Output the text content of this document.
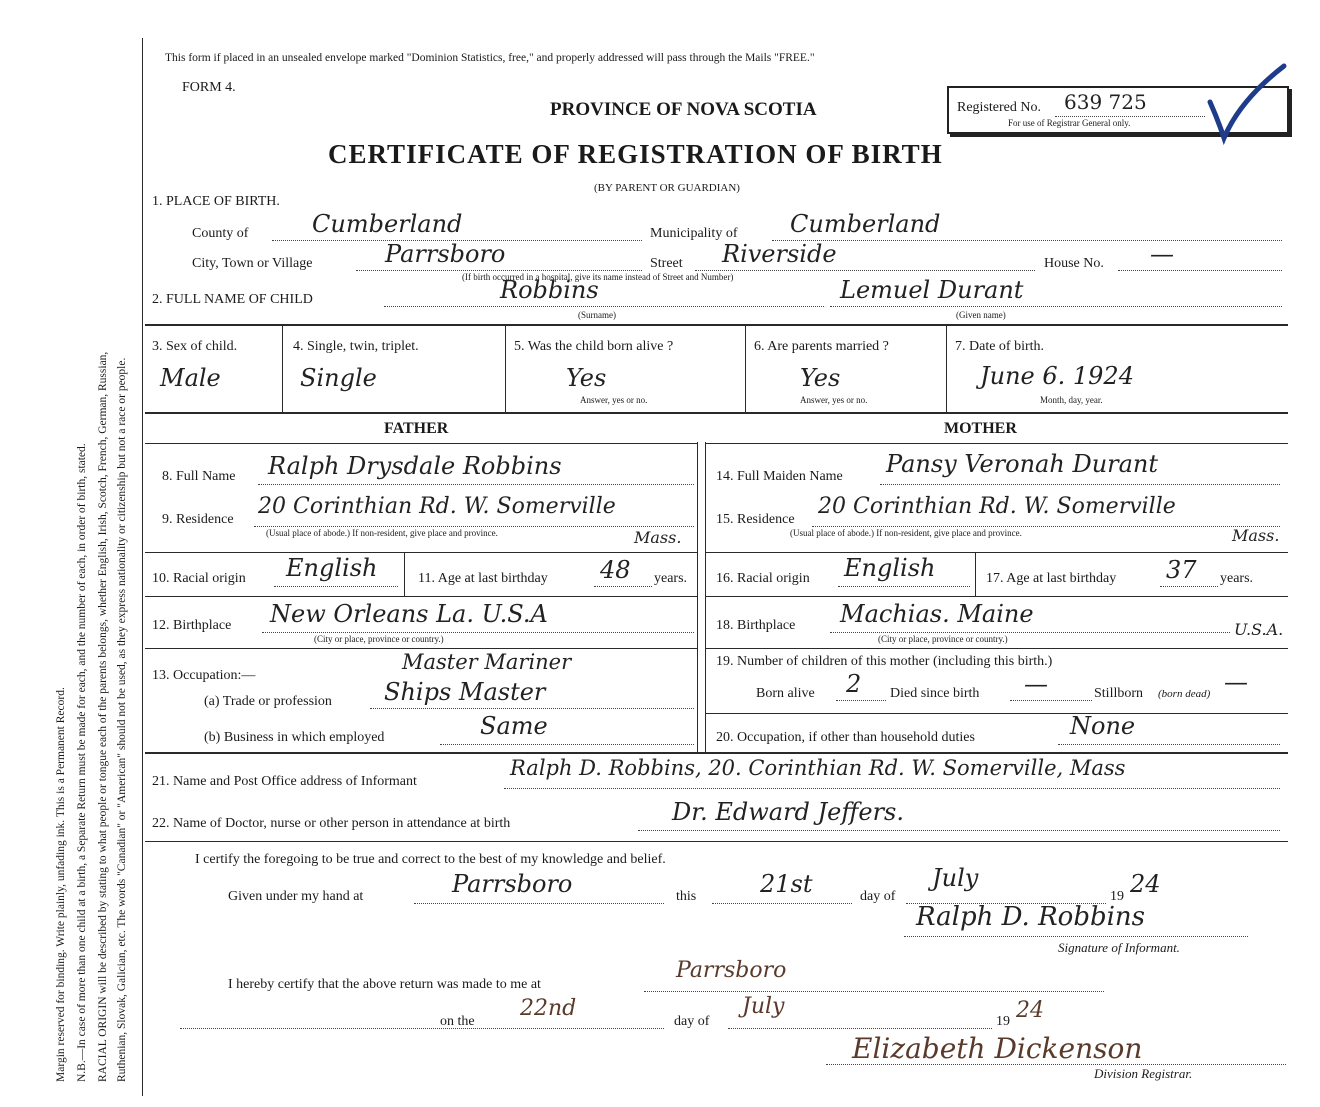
Margin reserved for binding. Write plainly, unfading ink. This is a Permanent Record. N.B.—In case of more than one child at a birth, a Separate Return must be made for each, and the number of each, in order of birth, stated. RACIAL ORIGIN will be described by stating to what people or tongue each of the parents belongs, whether English, Irish, Scotch, French, German, Russian, Ruthenian, Slovak, Galician, etc. The words "Canadian" or "American" should not be used, as they express nationality or citizenship but not a race or people.
This form if placed in an unsealed envelope marked "Dominion Statistics, free," and properly addressed will pass through the Mails "FREE."
FORM 4.
PROVINCE OF NOVA SCOTIA
CERTIFICATE OF REGISTRATION OF BIRTH
(BY PARENT OR GUARDIAN)
Registered No. 639 725
For use of Registrar General only.
1. PLACE OF BIRTH.
County of	Cumberland	Municipality of Cumberland
City, Town or Village	Parrsboro	Street Riverside	House No. —
(If birth occurred in a hospital, give its name instead of Street and Number)
2. FULL NAME OF CHILD	Robbins	Lemuel Durant
(Surname)	(Given name)
3. Sex of child.
Male
4. Single, twin, triplet.
Single
5. Was the child born alive ?
Yes
Answer, yes or no.
6. Are parents married ?
Yes
Answer, yes or no.
7. Date of birth.
June 6. 1924
Month, day, year.
FATHER	MOTHER
8. Full Name Ralph Drysdale Robbins
9. Residence
20 Corinthian Rd. W. Somerville
(Usual place of abode.) If non-resident, give place and province.	Mass.
10. Racial origin English	11. Age at last birthday 48 years.
12. Birthplace New Orleans La. U.S.A
(City or place, province or country.)
13. Occupation:—
Master Mariner
(a) Trade or profession Ships Master
(b) Business in which employed	Same
14. Full Maiden Name Pansy Veronah Durant
15. Residence
20 Corinthian Rd. W. Somerville
(Usual place of abode.) If non-resident, give place and province.	Mass.
16. Racial origin English	17. Age at last birthday 37 years.
18. Birthplace Machias. Maine
U.S.A.
(City or place, province or country.)
19. Number of children of this mother (including this birth.)
Born alive 2 Died since birth —	Stillborn (born dead) —
20. Occupation, if other than household duties	None
21. Name and Post Office address of Informant
Ralph D. Robbins, 20. Corinthian Rd. W. Somerville, Mass
22. Name of Doctor, nurse or other person in attendance at birth	Dr. Edward Jeffers.
I certify the foregoing to be true and correct to the best of my knowledge and belief.
Given under my hand at	Parrsboro	this	21st	day of
July
19 24
Ralph D. Robbins
Signature of Informant.
I hereby certify that the above return was made to me at
Parrsboro
on the
22nd
day of
July
19 24
Elizabeth Dickenson
Division Registrar.
